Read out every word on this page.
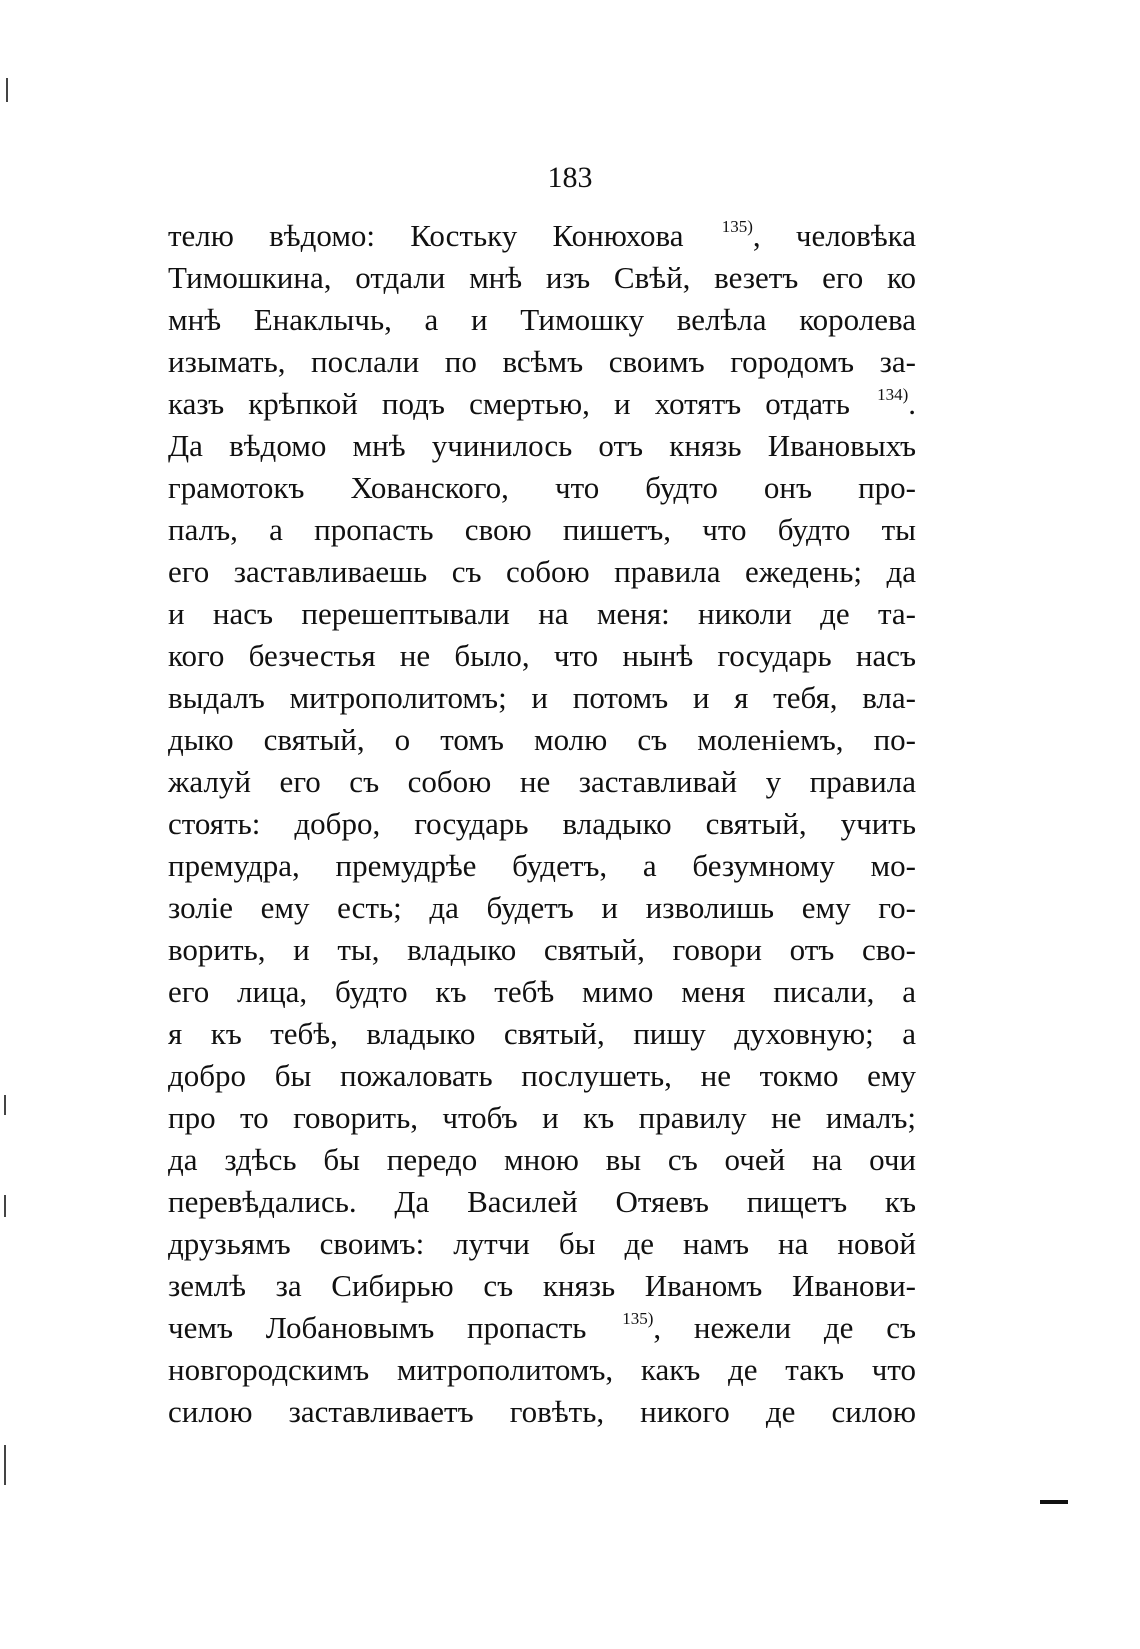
183
телю вѣдомо: Костьку Конюхова $^{135)}$, человѣка
Тимошкина, отдали мнѣ изъ Свѣй, везетъ его ко
мнѣ Енаклычь, а и Тимошку велѣла королева
изымать, послали по всѣмъ своимъ городомъ за-
казъ крѣпкой подъ смертью, и хотятъ отдать $^{134)}$.
Да вѣдомо мнѣ учинилось отъ князь Ивановыхъ
грамотокъ Хованского, что будто онъ про-
палъ, а пропасть свою пишетъ, что будто ты
его заставливаешь съ собою правила ежедень; да
и насъ перешептывали на меня: николи де та-
кого безчестья не было, что нынѣ государь насъ
выдалъ митрополитомъ; и потомъ и я тебя, вла-
дыко святый, о томъ молю съ моленіемъ, по-
жалуй его съ собою не заставливай у правила
стоять: добро, государь владыко святый, учить
премудра, премудрѣе будетъ, а безумному мо-
золіе ему есть; да будетъ и изволишь ему го-
ворить, и ты, владыко святый, говори отъ сво-
его лица, будто къ тебѣ мимо меня писали, а
я къ тебѣ, владыко святый, пишу духовную; а
добро бы пожаловать послушеть, не токмо ему
про то говорить, чтобъ и къ правилу не ималъ;
да здѣсь бы передо мною вы съ очей на очи
перевѣдались. Да Василей Отяевъ пищетъ къ
друзьямъ своимъ: лутчи бы де намъ на новой
землѣ за Сибирью съ князь Иваномъ Иванови-
чемъ Лобановымъ пропасть $^{135)}$, нежели де съ
новгородскимъ митрополитомъ, какъ де такъ что
силою заставливаетъ говѣть, никого де силою
